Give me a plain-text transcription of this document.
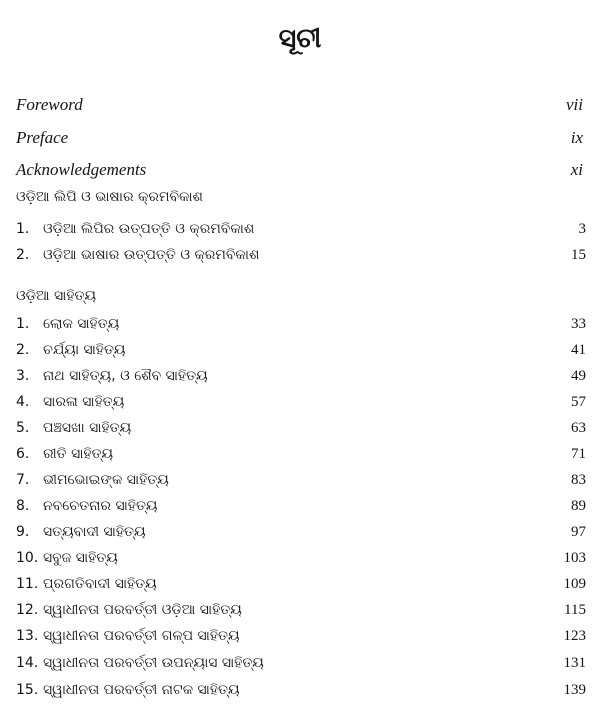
ସୂଚୀ
Foreword	vii
Preface	ix
Acknowledgements	xi
ଓଡ଼ିଆ ଲିପି ଓ ଭାଷାର କ୍ରମବିକାଶ
1. ଓଡ଼ିଆ ଲିପିର ଉତ୍ପତ୍ତି ଓ କ୍ରମବିକାଶ	3
2. ଓଡ଼ିଆ ଭାଷାର ଉତ୍ପତ୍ତି ଓ କ୍ରମବିକାଶ	15
ଓଡ଼ିଆ ସାହିତ୍ୟ
1. ଲୋକ ସାହିତ୍ୟ	33
2. ଚର୍ଯ୍ୟା ସାହିତ୍ୟ	41
3. ନାଥ ସାହିତ୍ୟ, ଓ ଶୈବ ସାହିତ୍ୟ	49
4. ସାରଳା ସାହିତ୍ୟ	57
5. ପଞ୍ଚସଖା ସାହିତ୍ୟ	63
6. ରୀତି ସାହିତ୍ୟ	71
7. ଭୀମଭୋଇଙ୍କ ସାହିତ୍ୟ	83
8. ନବଚେତନାର ସାହିତ୍ୟ	89
9. ସତ୍ୟବାଦୀ ସାହିତ୍ୟ	97
10. ସବୁଜ ସାହିତ୍ୟ	103
11. ପ୍ରଗତିବାଦୀ ସାହିତ୍ୟ	109
12. ସ୍ୱାଧୀନତା ପରବର୍ତ୍ତୀ ଓଡ଼ିଆ ସାହିତ୍ୟ	115
13. ସ୍ୱାଧୀନତା ପରବର୍ତ୍ତୀ ଗଳ୍ପ ସାହିତ୍ୟ	123
14. ସ୍ୱାଧୀନତା ପରବର୍ତ୍ତୀ ଉପନ୍ୟାସ ସାହିତ୍ୟ	131
15. ସ୍ୱାଧୀନତା ପରବର୍ତ୍ତୀ ନାଟକ ସାହିତ୍ୟ	139
